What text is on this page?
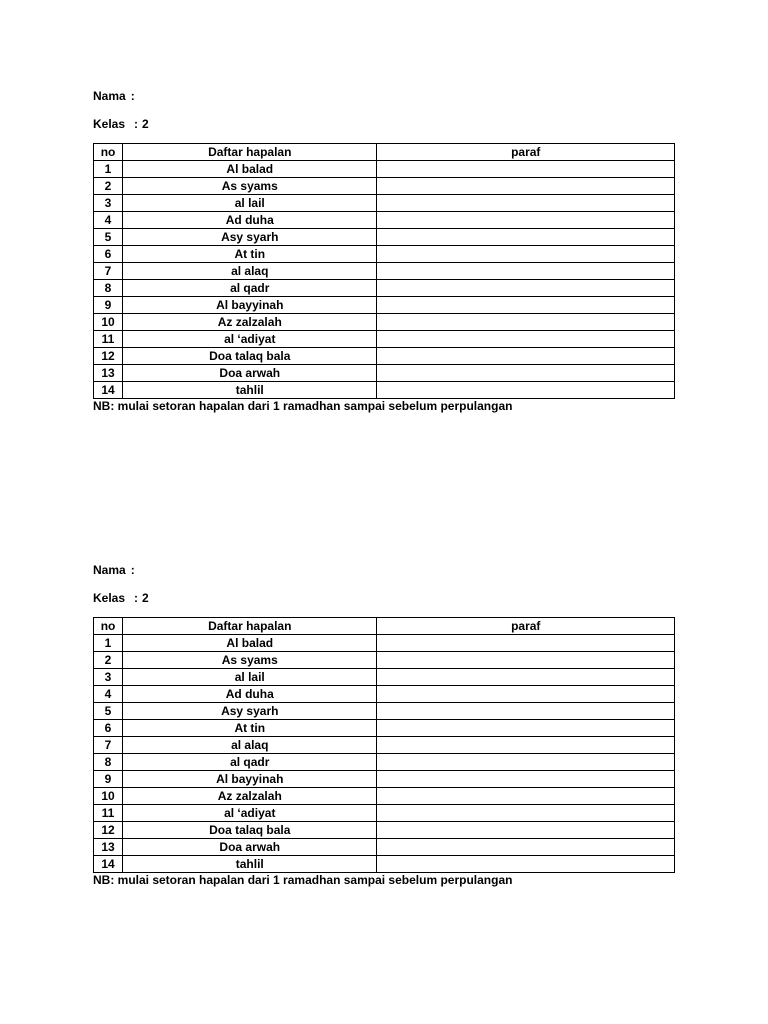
Nama :
Kelas : 2
no	Daftar hapalan	paraf
1	Al balad	
2	As syams	
3	al lail	
4	Ad duha	
5	Asy syarh	
6	At tin	
7	al alaq	
8	al qadr	
9	Al bayyinah	
10	Az zalzalah	
11	al ‘adiyat	
12	Doa talaq bala	
13	Doa arwah	
14	tahlil	
NB: mulai setoran hapalan dari 1 ramadhan sampai sebelum perpulangan
Nama :
Kelas : 2
no	Daftar hapalan	paraf
1	Al balad	
2	As syams	
3	al lail	
4	Ad duha	
5	Asy syarh	
6	At tin	
7	al alaq	
8	al qadr	
9	Al bayyinah	
10	Az zalzalah	
11	al ‘adiyat	
12	Doa talaq bala	
13	Doa arwah	
14	tahlil	
NB: mulai setoran hapalan dari 1 ramadhan sampai sebelum perpulangan
